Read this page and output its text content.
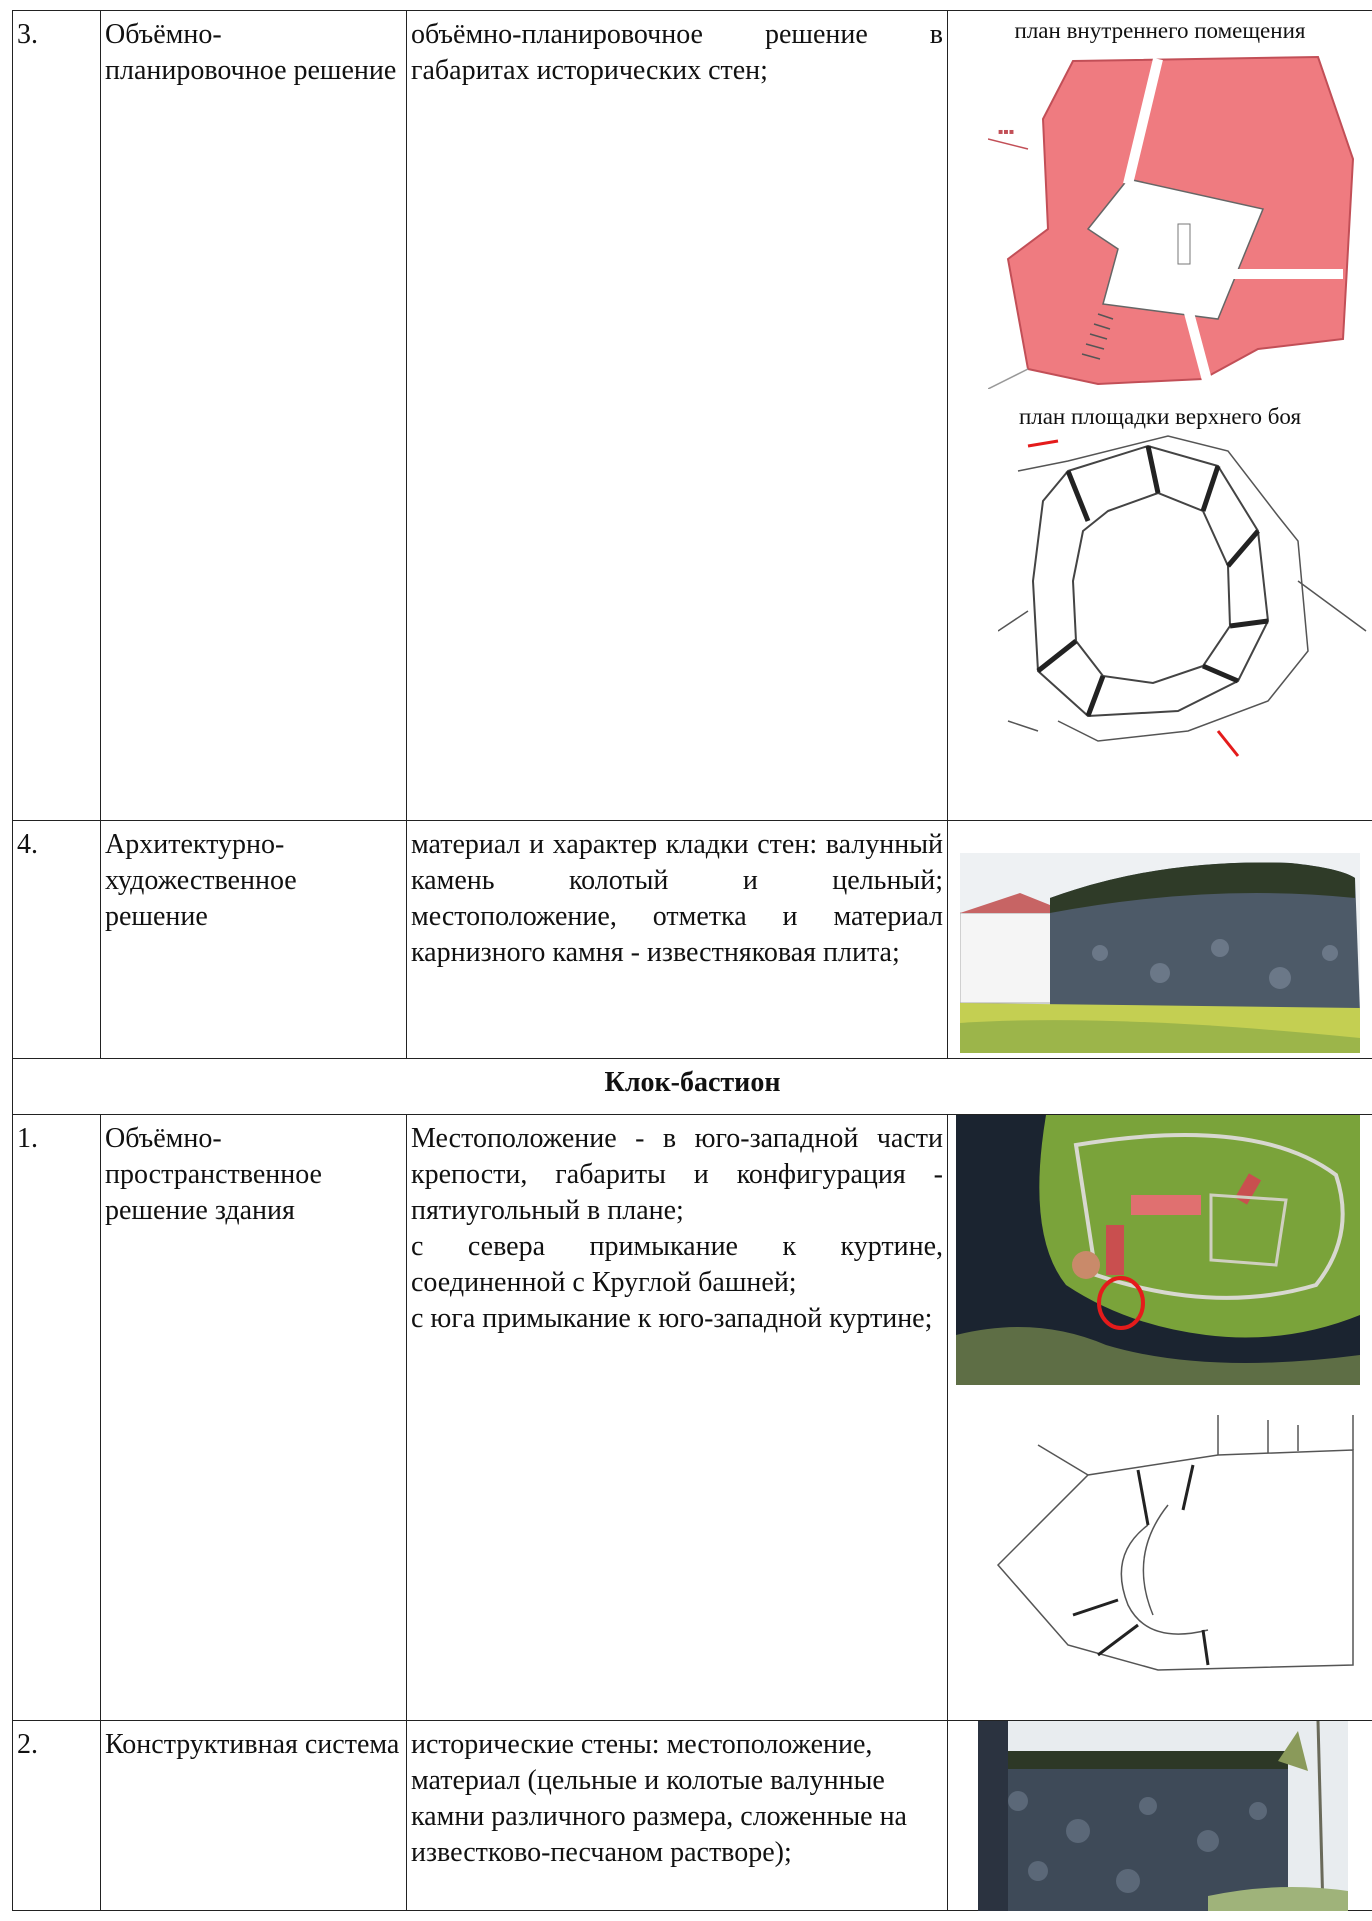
3.	Объёмно-планировочное решение	объёмно-планировочное решение в габаритах исторических стен;	план внутреннего помещения
▪▪▪
план площадки верхнего боя

4.	Архитектурно-художественное решение	материал и характер кладки стен: валунный камень колотый и цельный; местоположение, отметка и материал карнизного камня - известняковая плита;

Клок-бастион			
1.	Объёмно-пространственное решение здания	Местоположение - в юго-западной части крепости, габариты и конфигурация - пятиугольный в плане;

с севера примыкание к куртине, соединенной с Круглой башней;

с юга примыкание к юго-западной куртине;

2.	Конструктивная система	исторические стены: местоположение, материал (цельные и колотые валунные камни различного размера, сложенные на известково-песчаном растворе);
